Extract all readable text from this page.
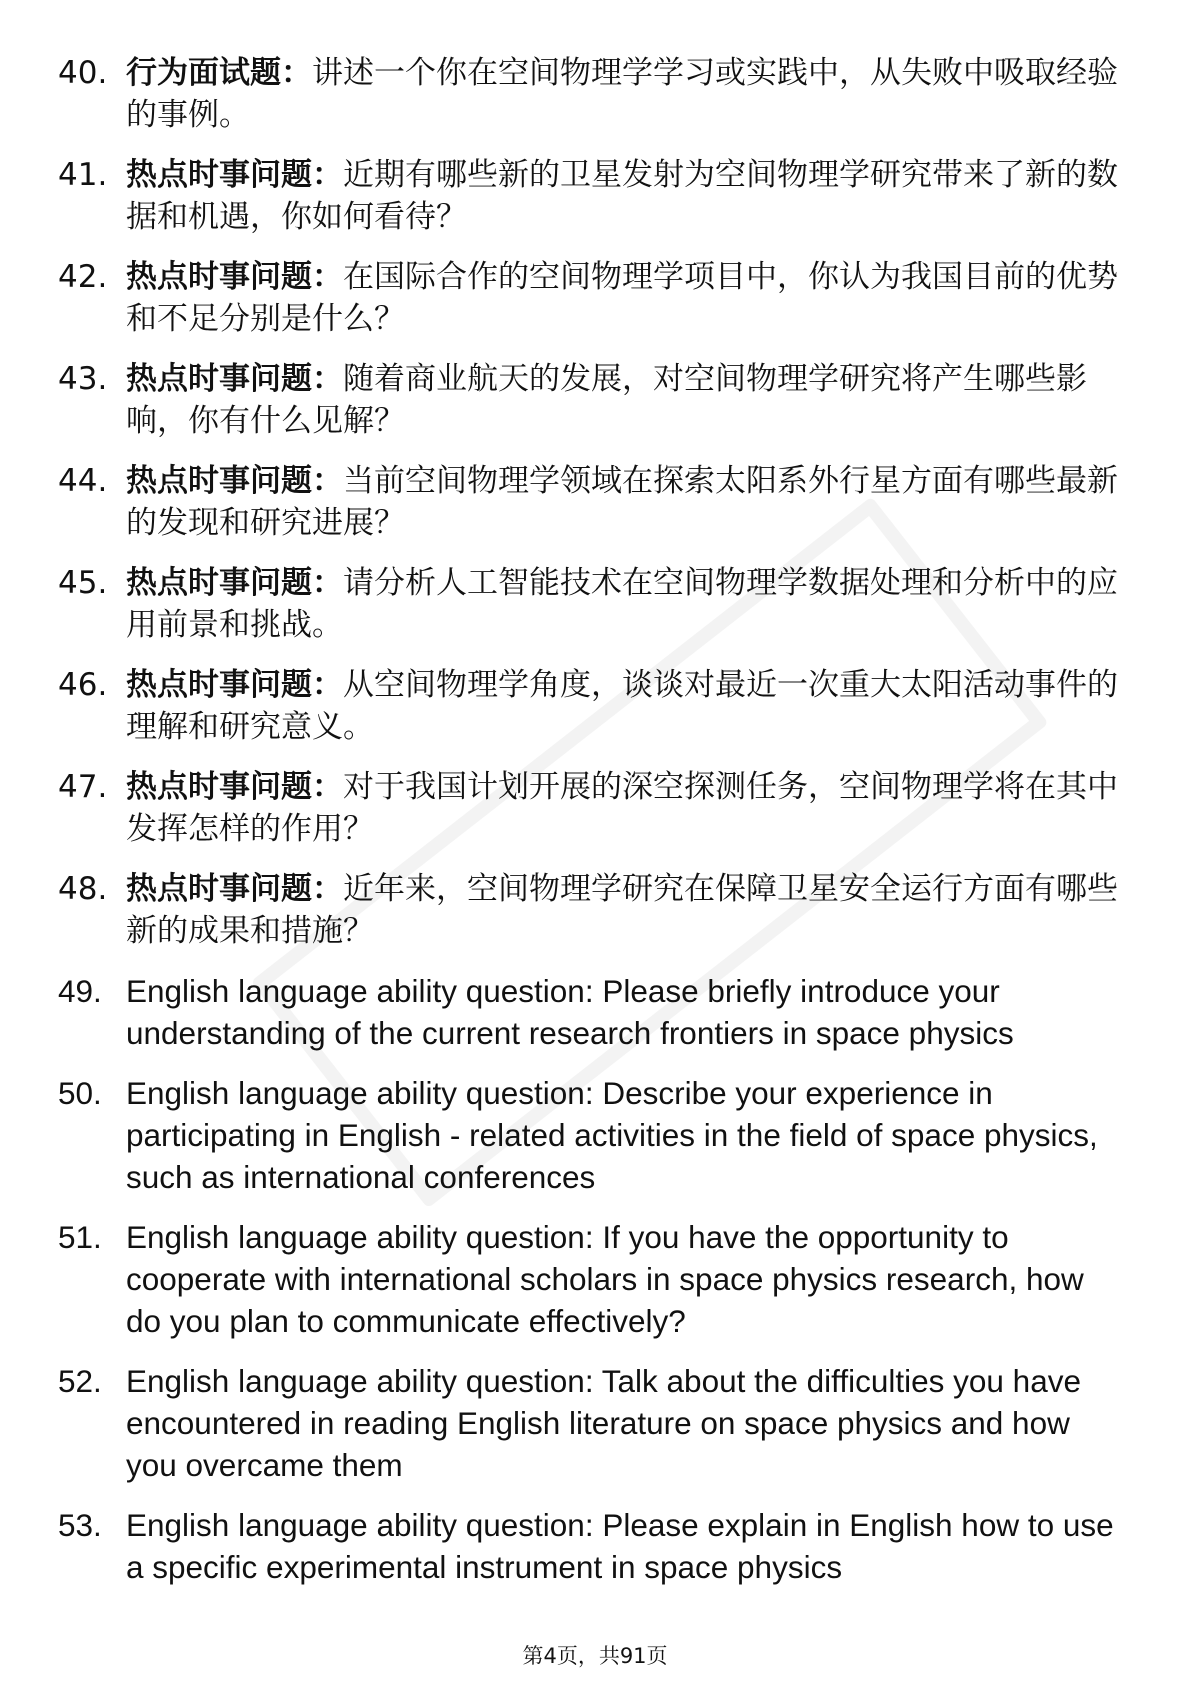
40. 行为面试题：讲述一个你在空间物理学学习或实践中，从失败中吸取经验的事例。
41. 热点时事问题：近期有哪些新的卫星发射为空间物理学研究带来了新的数据和机遇，你如何看待？
42. 热点时事问题：在国际合作的空间物理学项目中，你认为我国目前的优势和不足分别是什么？
43. 热点时事问题：随着商业航天的发展，对空间物理学研究将产生哪些影响，你有什么见解？
44. 热点时事问题：当前空间物理学领域在探索太阳系外行星方面有哪些最新的发现和研究进展？
45. 热点时事问题：请分析人工智能技术在空间物理学数据处理和分析中的应用前景和挑战。
46. 热点时事问题：从空间物理学角度，谈谈对最近一次重大太阳活动事件的理解和研究意义。
47. 热点时事问题：对于我国计划开展的深空探测任务，空间物理学将在其中发挥怎样的作用？
48. 热点时事问题：近年来，空间物理学研究在保障卫星安全运行方面有哪些新的成果和措施？
49. English language ability question: Please briefly introduce your understanding of the current research frontiers in space physics
50. English language ability question: Describe your experience in participating in English - related activities in the field of space physics, such as international conferences
51. English language ability question: If you have the opportunity to cooperate with international scholars in space physics research, how do you plan to communicate effectively?
52. English language ability question: Talk about the difficulties you have encountered in reading English literature on space physics and how you overcame them
53. English language ability question: Please explain in English how to use a specific experimental instrument in space physics
第4页，共91页
